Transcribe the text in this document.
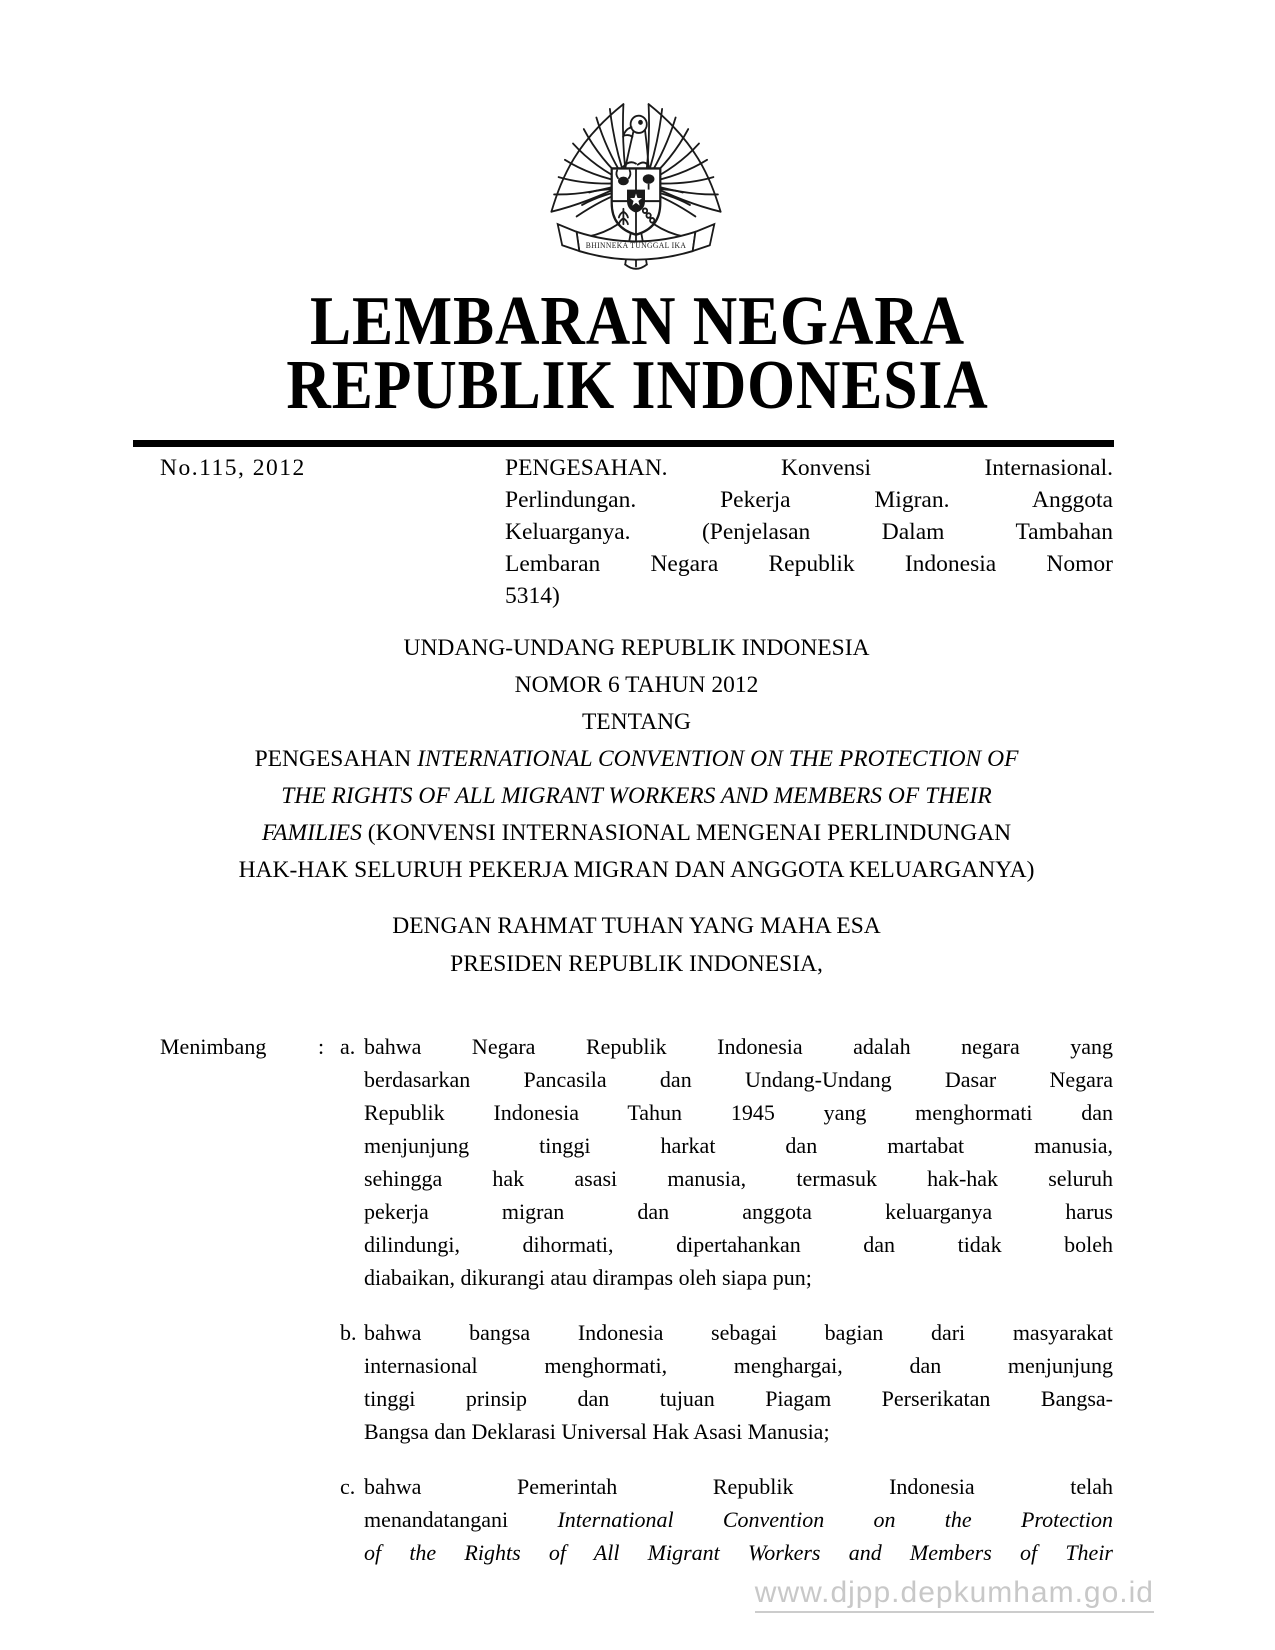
BHINNEKA TUNGGAL IKA
LEMBARAN NEGARA
REPUBLIK INDONESIA
No.115, 2012	PENGESAHAN. Konvensi Internasional.
Perlindungan. Pekerja Migran. Anggota
Keluarganya. (Penjelasan Dalam Tambahan
Lembaran Negara Republik Indonesia Nomor
5314)
UNDANG-UNDANG REPUBLIK INDONESIA
NOMOR 6 TAHUN 2012
TENTANG
PENGESAHAN INTERNATIONAL CONVENTION ON THE PROTECTION OF
THE RIGHTS OF ALL MIGRANT WORKERS AND MEMBERS OF THEIR
FAMILIES (KONVENSI INTERNASIONAL MENGENAI PERLINDUNGAN
HAK-HAK SELURUH PEKERJA MIGRAN DAN ANGGOTA KELUARGANYA)
DENGAN RAHMAT TUHAN YANG MAHA ESA
PRESIDEN REPUBLIK INDONESIA,
Menimbang	: a. bahwa Negara Republik Indonesia adalah negara yang
berdasarkan Pancasila dan Undang-Undang Dasar Negara
Republik Indonesia Tahun 1945 yang menghormati dan
menjunjung tinggi harkat dan martabat manusia,
sehingga hak asasi manusia, termasuk hak-hak seluruh
pekerja migran dan anggota keluarganya harus
dilindungi, dihormati, dipertahankan dan tidak boleh
diabaikan, dikurangi atau dirampas oleh siapa pun;
b. bahwa bangsa Indonesia sebagai bagian dari masyarakat
internasional menghormati, menghargai, dan menjunjung
tinggi prinsip dan tujuan Piagam Perserikatan Bangsa-
Bangsa dan Deklarasi Universal Hak Asasi Manusia;
c. bahwa Pemerintah Republik Indonesia telah
menandatangani International Convention on the Protection
of the Rights of All Migrant Workers and Members of Their
www.djpp.depkumham.go.id
